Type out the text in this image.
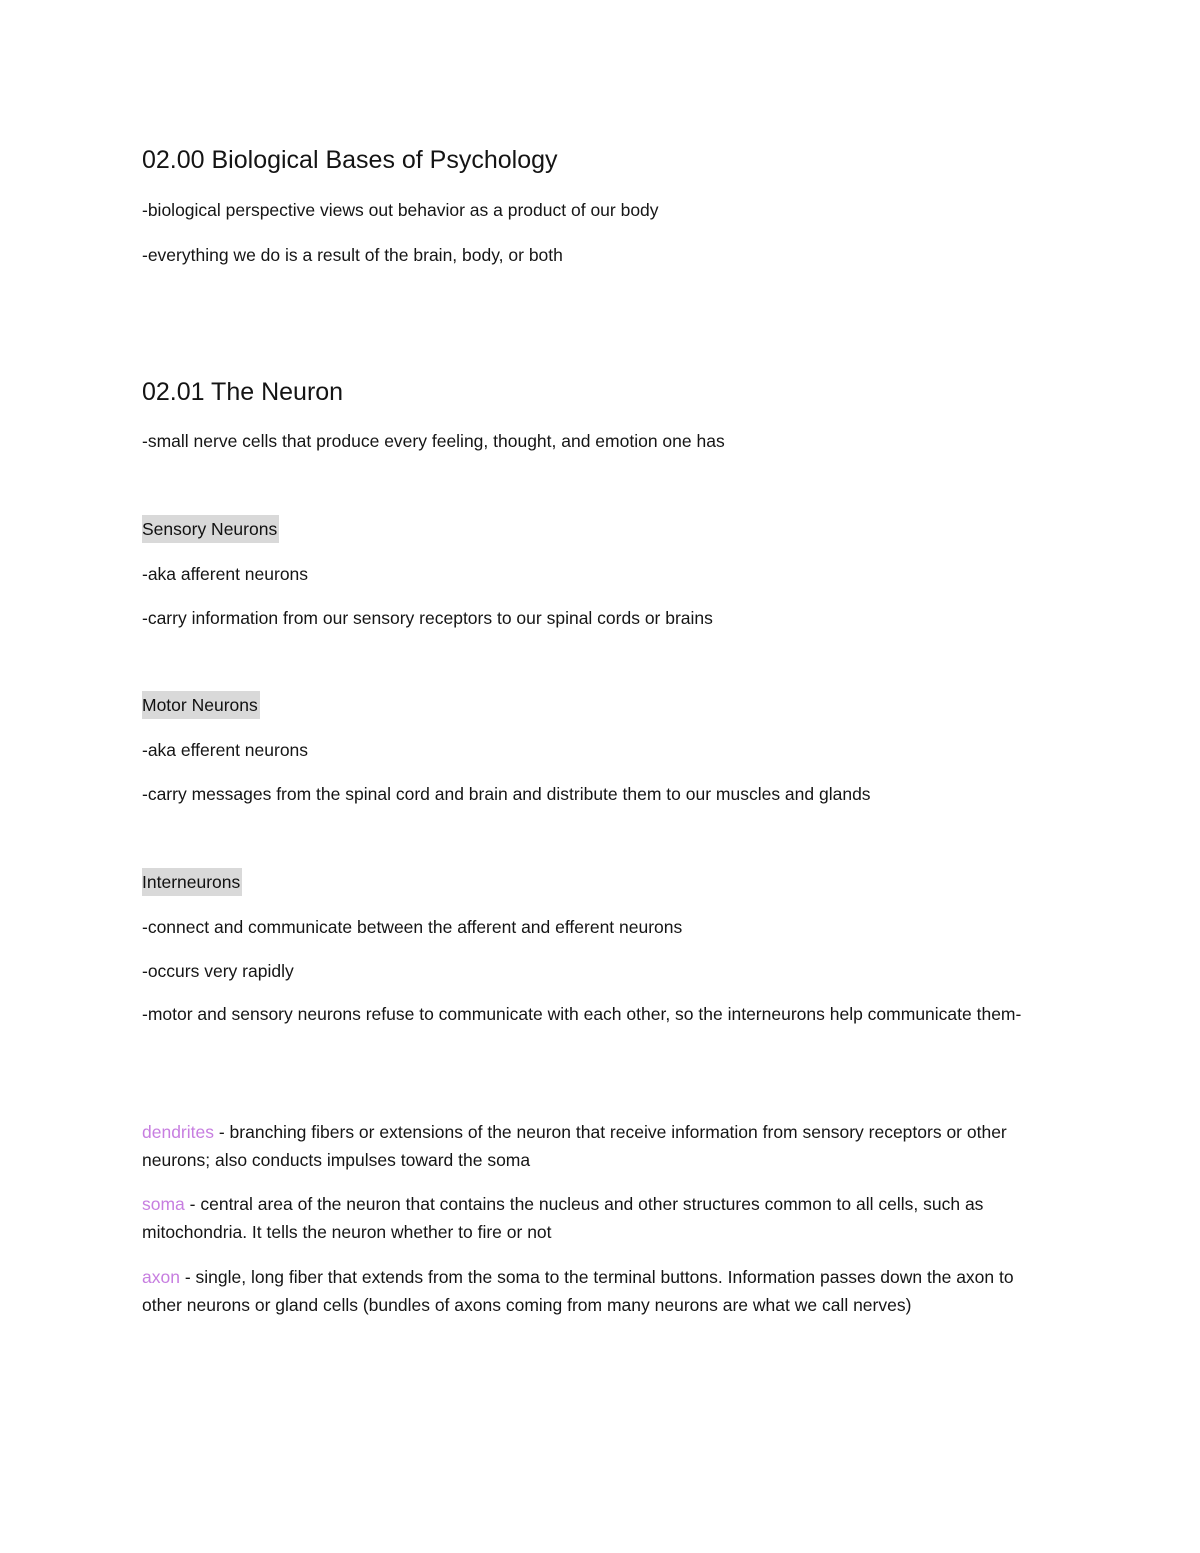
02.00 Biological Bases of Psychology
-biological perspective views out behavior as a product of our body
-everything we do is a result of the brain, body, or both
02.01 The Neuron
-small nerve cells that produce every feeling, thought, and emotion one has
Sensory Neurons
-aka afferent neurons
-carry information from our sensory receptors to our spinal cords or brains
Motor Neurons
-aka efferent neurons
-carry messages from the spinal cord and brain and distribute them to our muscles and glands
Interneurons
-connect and communicate between the afferent and efferent neurons
-occurs very rapidly
-motor and sensory neurons refuse to communicate with each other, so the interneurons help communicate them-
dendrites - branching fibers or extensions of the neuron that receive information from sensory receptors or other neurons; also conducts impulses toward the soma
soma - central area of the neuron that contains the nucleus and other structures common to all cells, such as mitochondria. It tells the neuron whether to fire or not
axon - single, long fiber that extends from the soma to the terminal buttons. Information passes down the axon to other neurons or gland cells (bundles of axons coming from many neurons are what we call nerves)
